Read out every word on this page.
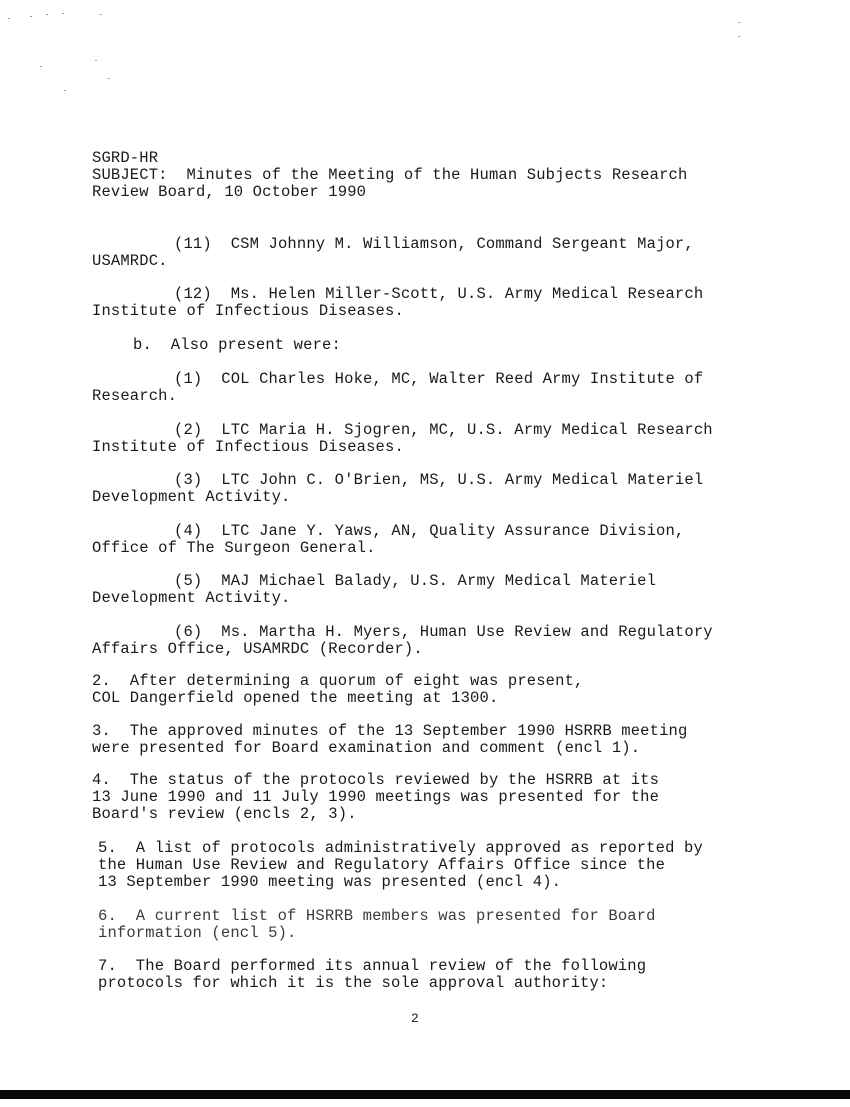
SGRD-HR
SUBJECT:  Minutes of the Meeting of the Human Subjects Research
Review Board, 10 October 1990
(11)  CSM Johnny M. Williamson, Command Sergeant Major,
USAMRDC.
(12)  Ms. Helen Miller-Scott, U.S. Army Medical Research
Institute of Infectious Diseases.
b.  Also present were:
(1)  COL Charles Hoke, MC, Walter Reed Army Institute of
Research.
(2)  LTC Maria H. Sjogren, MC, U.S. Army Medical Research
Institute of Infectious Diseases.
(3)  LTC John C. O'Brien, MS, U.S. Army Medical Materiel
Development Activity.
(4)  LTC Jane Y. Yaws, AN, Quality Assurance Division,
Office of The Surgeon General.
(5)  MAJ Michael Balady, U.S. Army Medical Materiel
Development Activity.
(6)  Ms. Martha H. Myers, Human Use Review and Regulatory
Affairs Office, USAMRDC (Recorder).
2.  After determining a quorum of eight was present,
COL Dangerfield opened the meeting at 1300.
3.  The approved minutes of the 13 September 1990 HSRRB meeting
were presented for Board examination and comment (encl 1).
4.  The status of the protocols reviewed by the HSRRB at its
13 June 1990 and 11 July 1990 meetings was presented for the
Board's review (encls 2, 3).
5.  A list of protocols administratively approved as reported by
the Human Use Review and Regulatory Affairs Office since the
13 September 1990 meeting was presented (encl 4).
6.  A current list of HSRRB members was presented for Board
information (encl 5).
7.  The Board performed its annual review of the following
protocols for which it is the sole approval authority:
2
